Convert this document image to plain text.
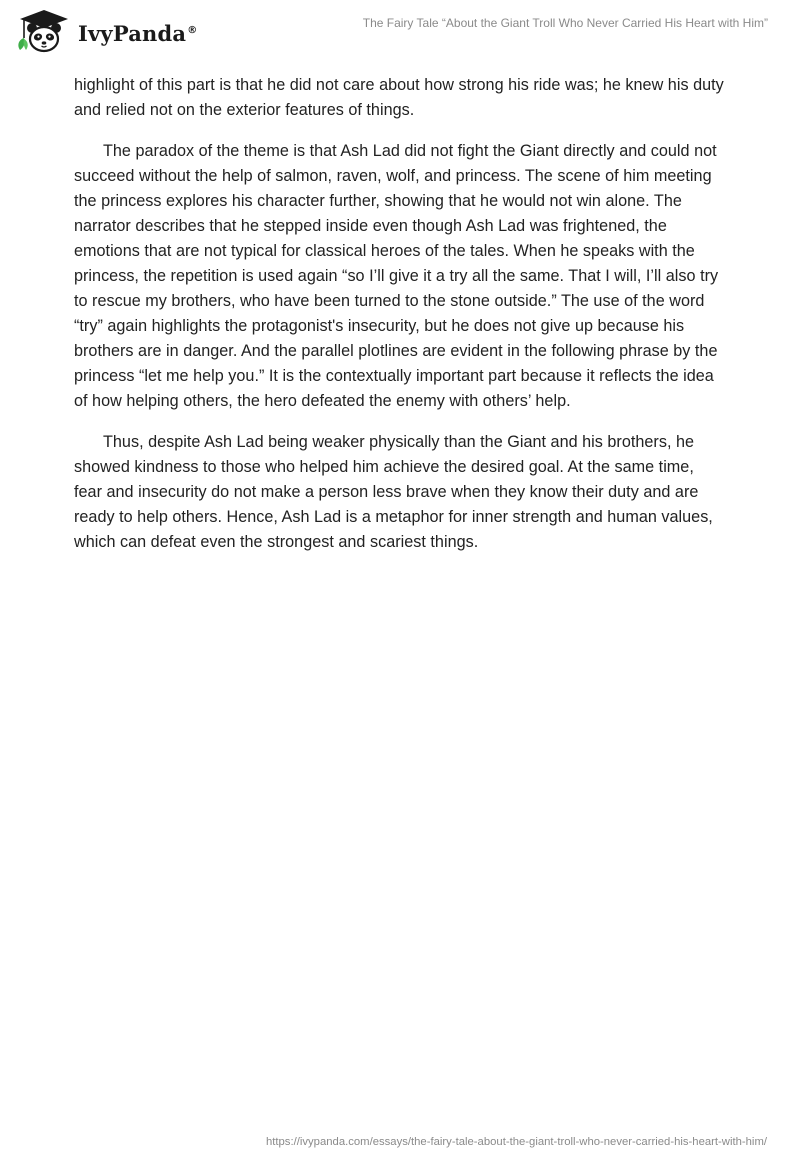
IvyPanda®	The Fairy Tale “About the Giant Troll Who Never Carried His Heart with Him”

highlight of this part is that he did not care about how strong his ride was; he knew his duty and relied not on the exterior features of things.

The paradox of the theme is that Ash Lad did not fight the Giant directly and could not succeed without the help of salmon, raven, wolf, and princess. The scene of him meeting the princess explores his character further, showing that he would not win alone. The narrator describes that he stepped inside even though Ash Lad was frightened, the emotions that are not typical for classical heroes of the tales. When he speaks with the princess, the repetition is used again “so I’ll give it a try all the same. That I will, I’ll also try to rescue my brothers, who have been turned to the stone outside.” The use of the word “try” again highlights the protagonist's insecurity, but he does not give up because his brothers are in danger. And the parallel plotlines are evident in the following phrase by the princess “let me help you.” It is the contextually important part because it reflects the idea of how helping others, the hero defeated the enemy with others’ help.

Thus, despite Ash Lad being weaker physically than the Giant and his brothers, he showed kindness to those who helped him achieve the desired goal. At the same time, fear and insecurity do not make a person less brave when they know their duty and are ready to help others. Hence, Ash Lad is a metaphor for inner strength and human values, which can defeat even the strongest and scariest things.

https://ivypanda.com/essays/the-fairy-tale-about-the-giant-troll-who-never-carried-his-heart-with-him/
